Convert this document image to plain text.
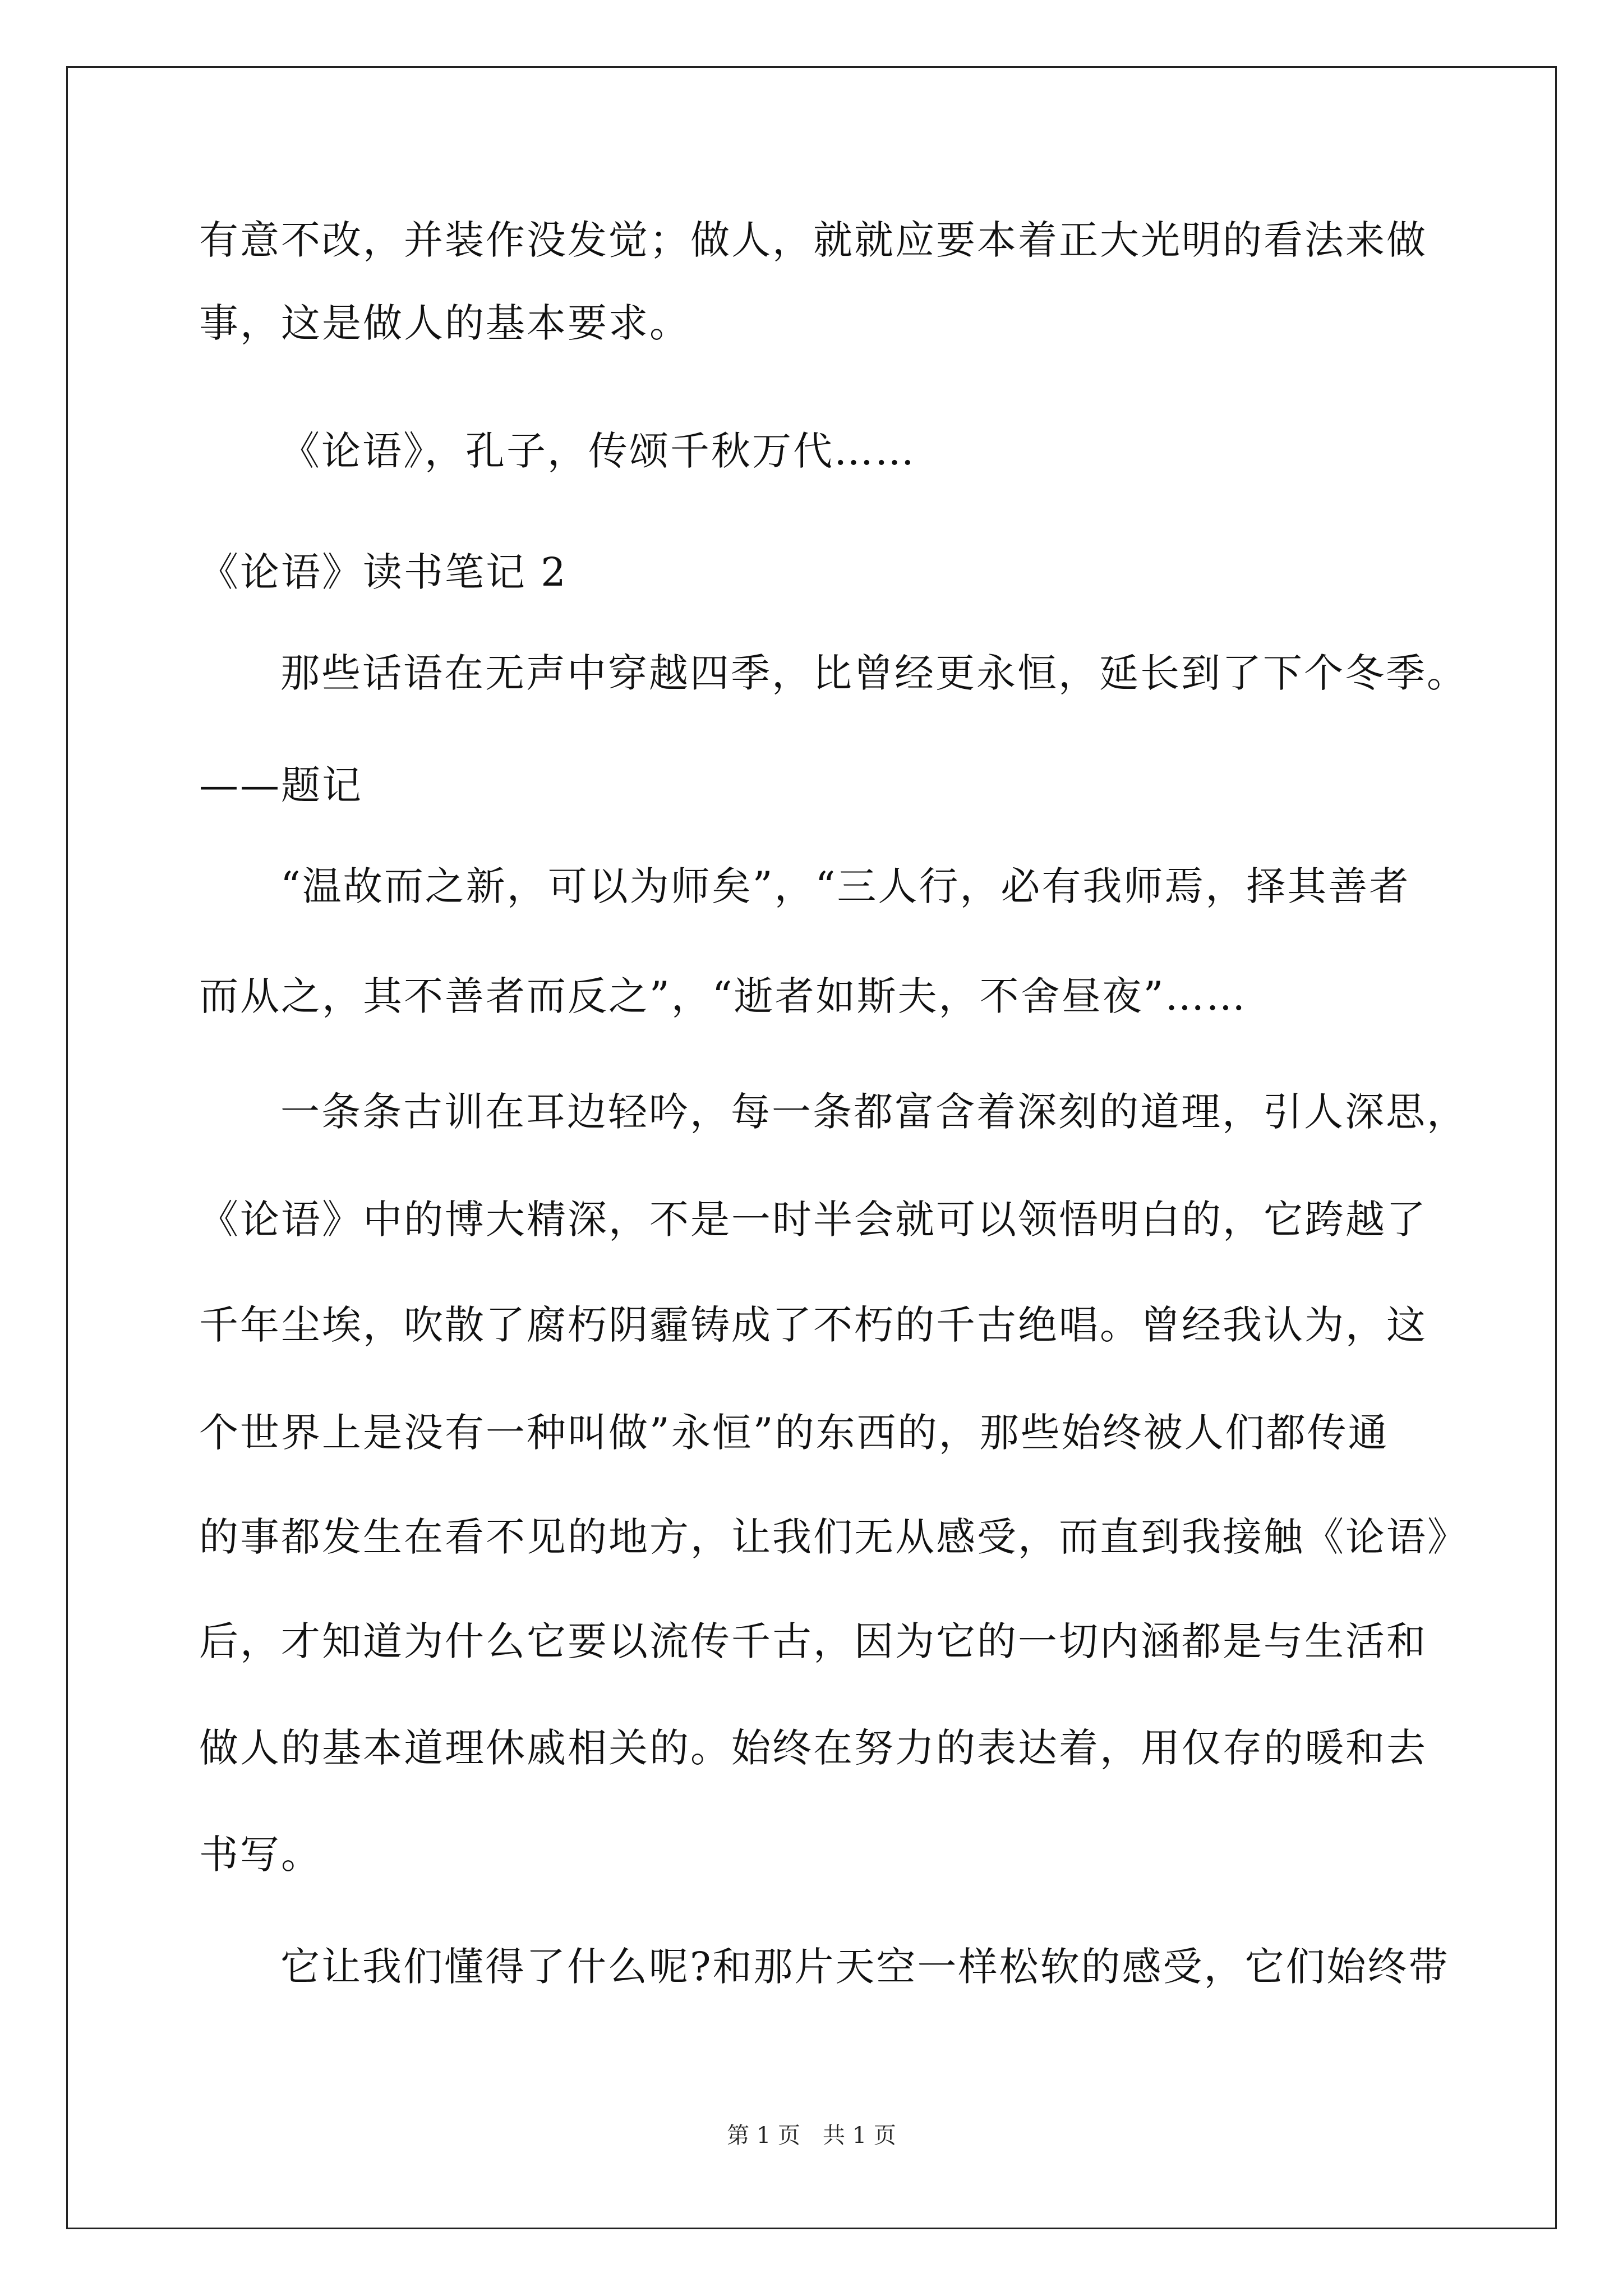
有意不改，并装作没发觉；做人，就就应要本着正大光明的看法来做
事，这是做人的基本要求。
《论语》，孔子，传颂千秋万代……
《论语》读书笔记 2
那些话语在无声中穿越四季，比曾经更永恒，延长到了下个冬季。
——题记
“温故而之新，可以为师矣”，“三人行，必有我师焉，择其善者
而从之，其不善者而反之”，“逝者如斯夫，不舍昼夜”……
一条条古训在耳边轻吟，每一条都富含着深刻的道理，引人深思，
《论语》中的博大精深，不是一时半会就可以领悟明白的，它跨越了
千年尘埃，吹散了腐朽阴霾铸成了不朽的千古绝唱。曾经我认为，这
个世界上是没有一种叫做”永恒”的东西的，那些始终被人们都传通
的事都发生在看不见的地方，让我们无从感受，而直到我接触《论语》
后，才知道为什么它要以流传千古，因为它的一切内涵都是与生活和
做人的基本道理休戚相关的。始终在努力的表达着，用仅存的暖和去
书写。
它让我们懂得了什么呢?和那片天空一样松软的感受，它们始终带
第 1 页　共 1 页
